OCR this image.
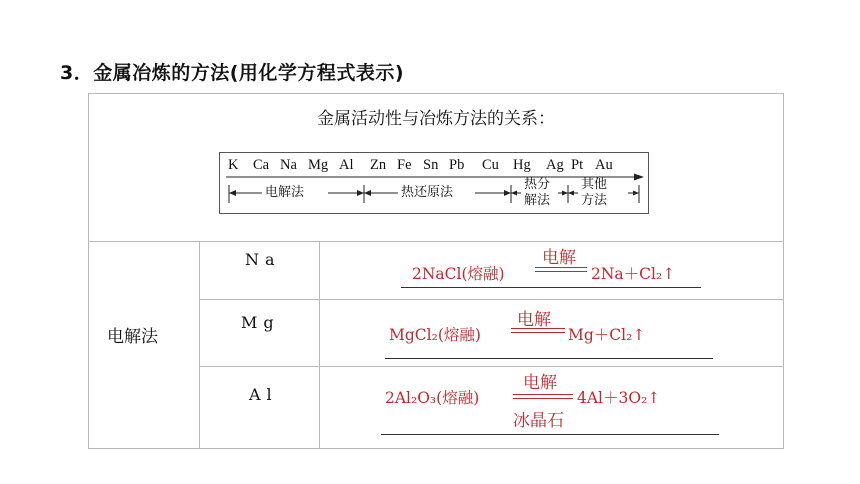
3．金属冶炼的方法(用化学方程式表示)
金属活动性与冶炼方法的关系：
K Ca Na Mg Al Zn Fe Sn Pb Cu Hg Ag Pt Au
电解法	热还原法
热分
解法
其他
方法
电解法
Na
2NaCl(熔融)
电解
2Na＋Cl₂↑
Mg
MgCl₂(熔融)
电解
Mg＋Cl₂↑
Al	2Al₂O₃(熔融)
电解
冰晶石
4Al＋3O₂↑
